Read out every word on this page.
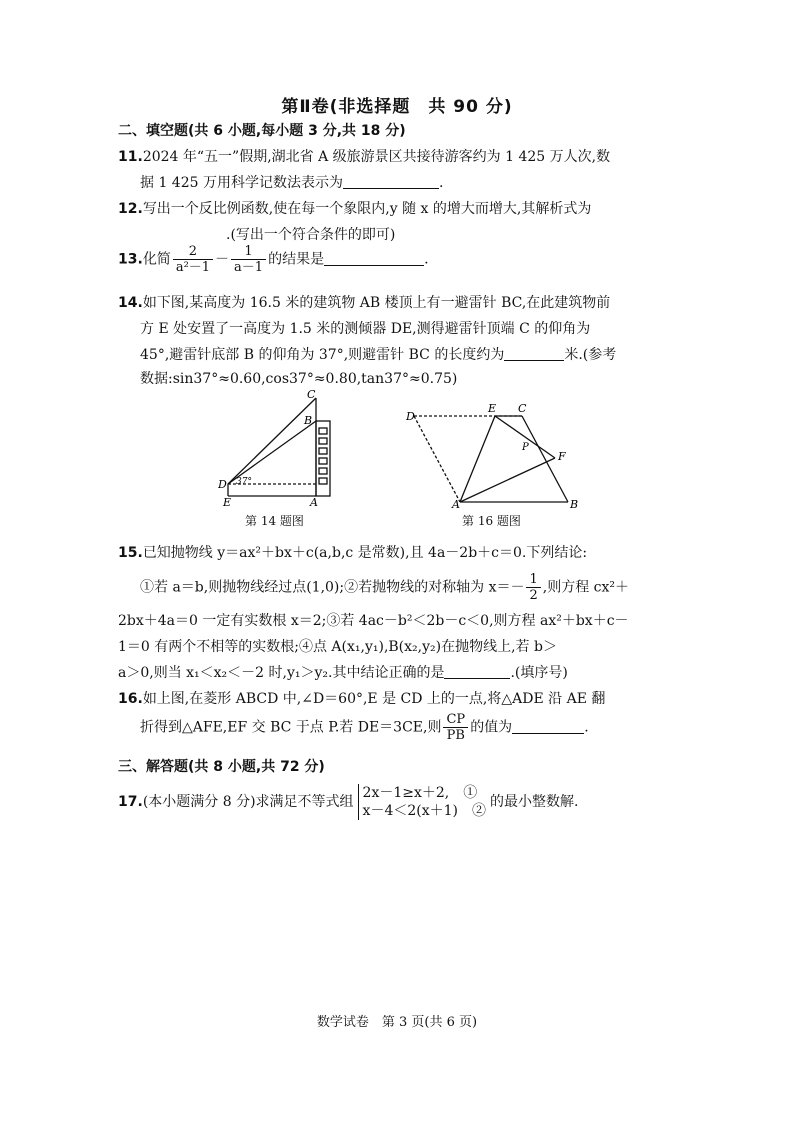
第Ⅱ卷(非选择题　共 90 分)
二、填空题(共 6 小题,每小题 3 分,共 18 分)
11.2024 年“五一”假期,湖北省 A 级旅游景区共接待游客约为 1 425 万人次,数
据 1 425 万用科学记数法表示为	.
12.写出一个反比例函数,使在每一个象限内,y 随 x 的增大而增大,其解析式为
.(写出一个符合条件的即可)
13.化简 $\frac{2}{\text{a²－1}} - \frac{1}{a-1}$ 的结果是	.
14.如下图,某高度为 16.5 米的建筑物 AB 楼顶上有一避雷针 BC,在此建筑物前
方 E 处安置了一高度为 1.5 米的测倾器 DE,测得避雷针顶端 C 的仰角为
45°,避雷针底部 B 的仰角为 37°,则避雷针 BC 的长度约为	米.(参考
数据:sin37°≈0.60,cos37°≈0.80,tan37°≈0.75)
C
B
D
E	A
37°
第 14 题图
D
E C
P
F
A	B
第 16 题图
15.已知抛物线 y＝ax²＋bx＋c(a,b,c 是常数),且 4a－2b＋c＝0.下列结论:
①若 a＝b,则抛物线经过点(1,0);②若抛物线的对称轴为 $x=- \frac{1}{2}$ ,则方程 cx²＋
2bx＋4a＝0 一定有实数根 x＝2;③若 4ac－b²＜2b－c＜0,则方程 ax²＋bx＋c－
1＝0 有两个不相等的实数根;④点 A(x₁,y₁),B(x₂,y₂)在抛物线上,若 b＞
a＞0,则当 x₁＜x₂＜－2 时,y₁＞y₂.其中结论正确的是	.(填序号)
16.如上图,在菱形 ABCD 中,∠D＝60°,E 是 CD 上的一点,将△ADE 沿 AE 翻
折得到△AFE,EF 交 BC 于点 P.若 DE＝3CE,则 $\frac{CP}{PB}$ 的值为	.
三、解答题(共 8 小题,共 72 分)
17.(本小题满分 8 分)求满足不等式组
2x－1≥x＋2,　①
x－4＜2(x＋1)　②
的最小整数解.
数学试卷　第 3 页(共 6 页)
